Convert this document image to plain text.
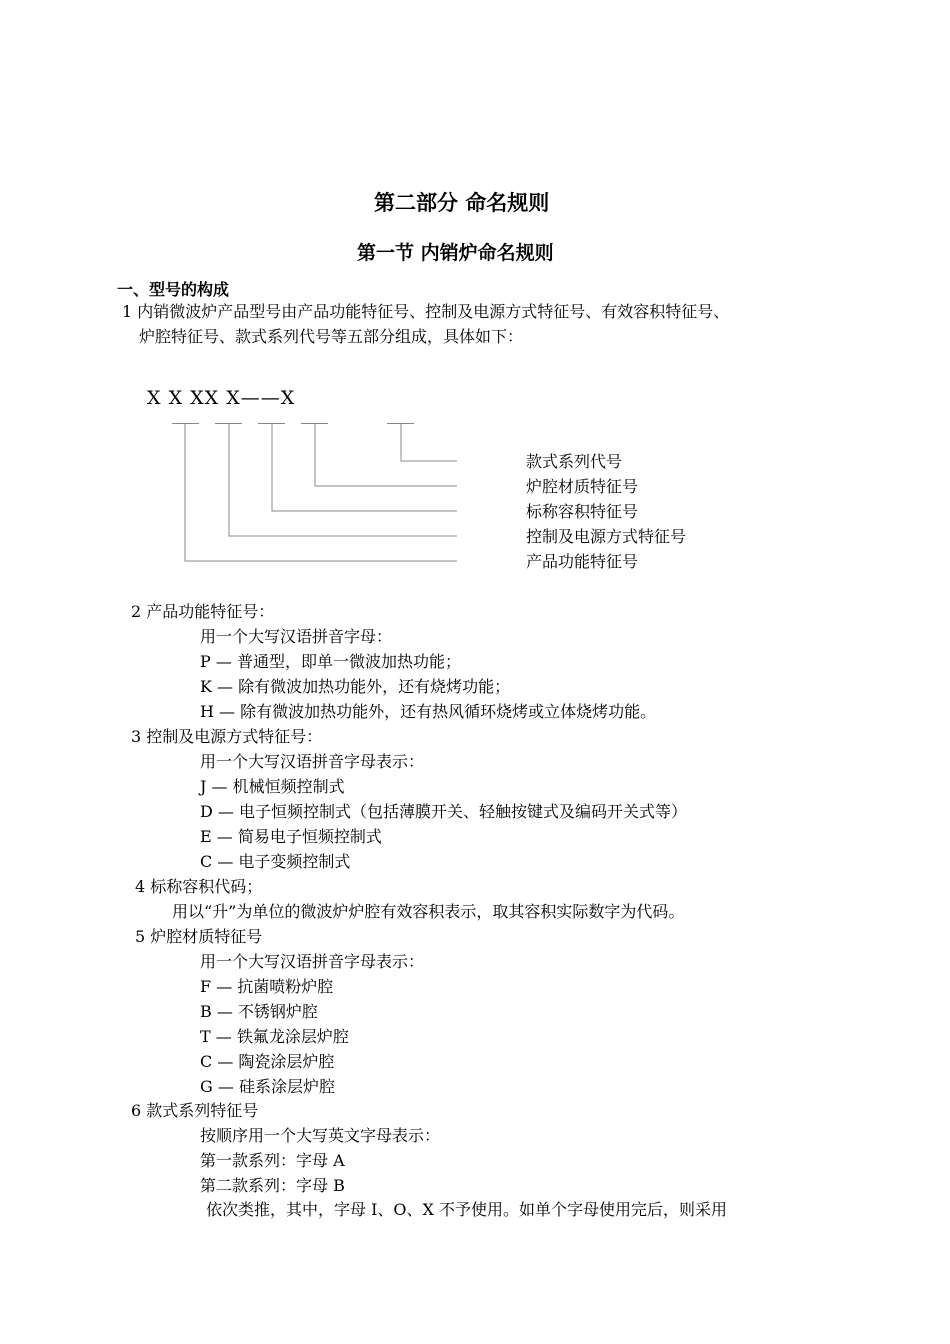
第二部分 命名规则
第一节 内销炉命名规则
一、型号的构成
1 内销微波炉产品型号由产品功能特征号、控制及电源方式特征号、有效容积特征号、
炉腔特征号、款式系列代号等五部分组成，具体如下：
X X XX X——X
款式系列代号
炉腔材质特征号
标称容积特征号
控制及电源方式特征号
产品功能特征号
2 产品功能特征号：
用一个大写汉语拼音字母：
P — 普通型，即单一微波加热功能；
K — 除有微波加热功能外，还有烧烤功能；
H — 除有微波加热功能外，还有热风循环烧烤或立体烧烤功能。
3 控制及电源方式特征号：
用一个大写汉语拼音字母表示：
J — 机械恒频控制式
D — 电子恒频控制式（包括薄膜开关、轻触按键式及编码开关式等）
E — 简易电子恒频控制式
C — 电子变频控制式
4 标称容积代码；
用以“升”为单位的微波炉炉腔有效容积表示，取其容积实际数字为代码。
5 炉腔材质特征号
用一个大写汉语拼音字母表示：
F — 抗菌喷粉炉腔
B — 不锈钢炉腔
T — 铁氟龙涂层炉腔
C — 陶瓷涂层炉腔
G — 硅系涂层炉腔
6 款式系列特征号
按顺序用一个大写英文字母表示：
第一款系列：字母 A
第二款系列：字母 B
依次类推，其中，字母 I、O、X 不予使用。如单个字母使用完后，则采用
